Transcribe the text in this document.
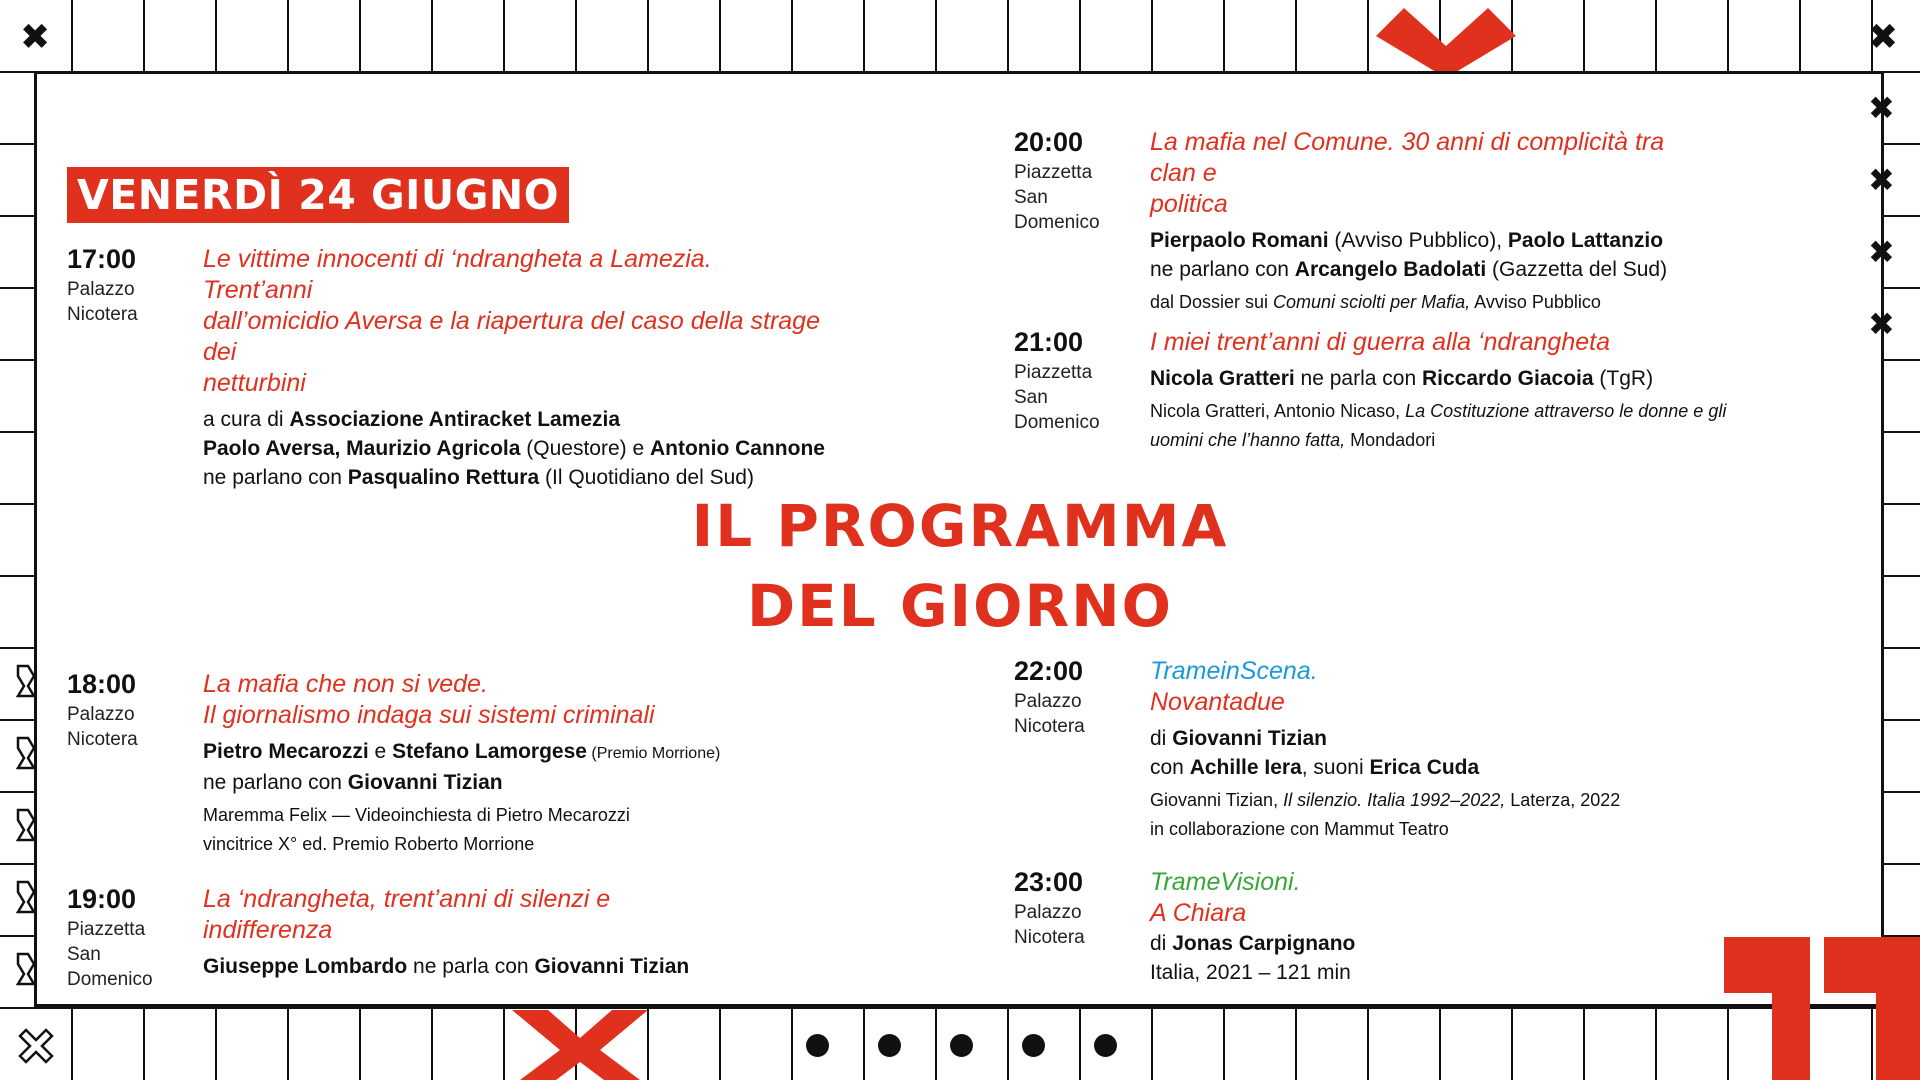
✖	✖
✖
✖
✖
✖
VENERDÌ 24 GIUGNO
IL PROGRAMMA
DEL GIORNO
17:00
Palazzo
Nicotera
Le vittime innocenti di ‘ndrangheta a Lamezia. Trent’anni
dall’omicidio Aversa e la riapertura del caso della strage dei
netturbini
a cura di Associazione Antiracket Lamezia
Paolo Aversa, Maurizio Agricola (Questore) e Antonio Cannone
ne parlano con Pasqualino Rettura (Il Quotidiano del Sud)
18:00
Palazzo
Nicotera
La mafia che non si vede.
Il giornalismo indaga sui sistemi criminali
Pietro Mecarozzi e Stefano Lamorgese (Premio Morrione)
ne parlano con Giovanni Tizian
Maremma Felix — Videoinchiesta di Pietro Mecarozzi
vincitrice X° ed. Premio Roberto Morrione
19:00
Piazzetta
San Domenico
La ‘ndrangheta, trent’anni di silenzi e indifferenza
Giuseppe Lombardo ne parla con Giovanni Tizian
20:00
Piazzetta
San Domenico
La mafia nel Comune. 30 anni di complicità tra clan e
politica
Pierpaolo Romani (Avviso Pubblico), Paolo Lattanzio
ne parlano con Arcangelo Badolati (Gazzetta del Sud)
dal Dossier sui Comuni sciolti per Mafia, Avviso Pubblico
21:00
Piazzetta
San Domenico
I miei trent’anni di guerra alla ‘ndrangheta
Nicola Gratteri ne parla con Riccardo Giacoia (TgR)
Nicola Gratteri, Antonio Nicaso, La Costituzione attraverso le donne e gli
uomini che l’hanno fatta, Mondadori
22:00
Palazzo
Nicotera
TrameinScena.
Novantadue
di Giovanni Tizian
con Achille Iera, suoni Erica Cuda
Giovanni Tizian, Il silenzio. Italia 1992–2022, Laterza, 2022
in collaborazione con Mammut Teatro
23:00
Palazzo
Nicotera
TrameVisioni.
A Chiara
di Jonas Carpignano
Italia, 2021 – 121 min
